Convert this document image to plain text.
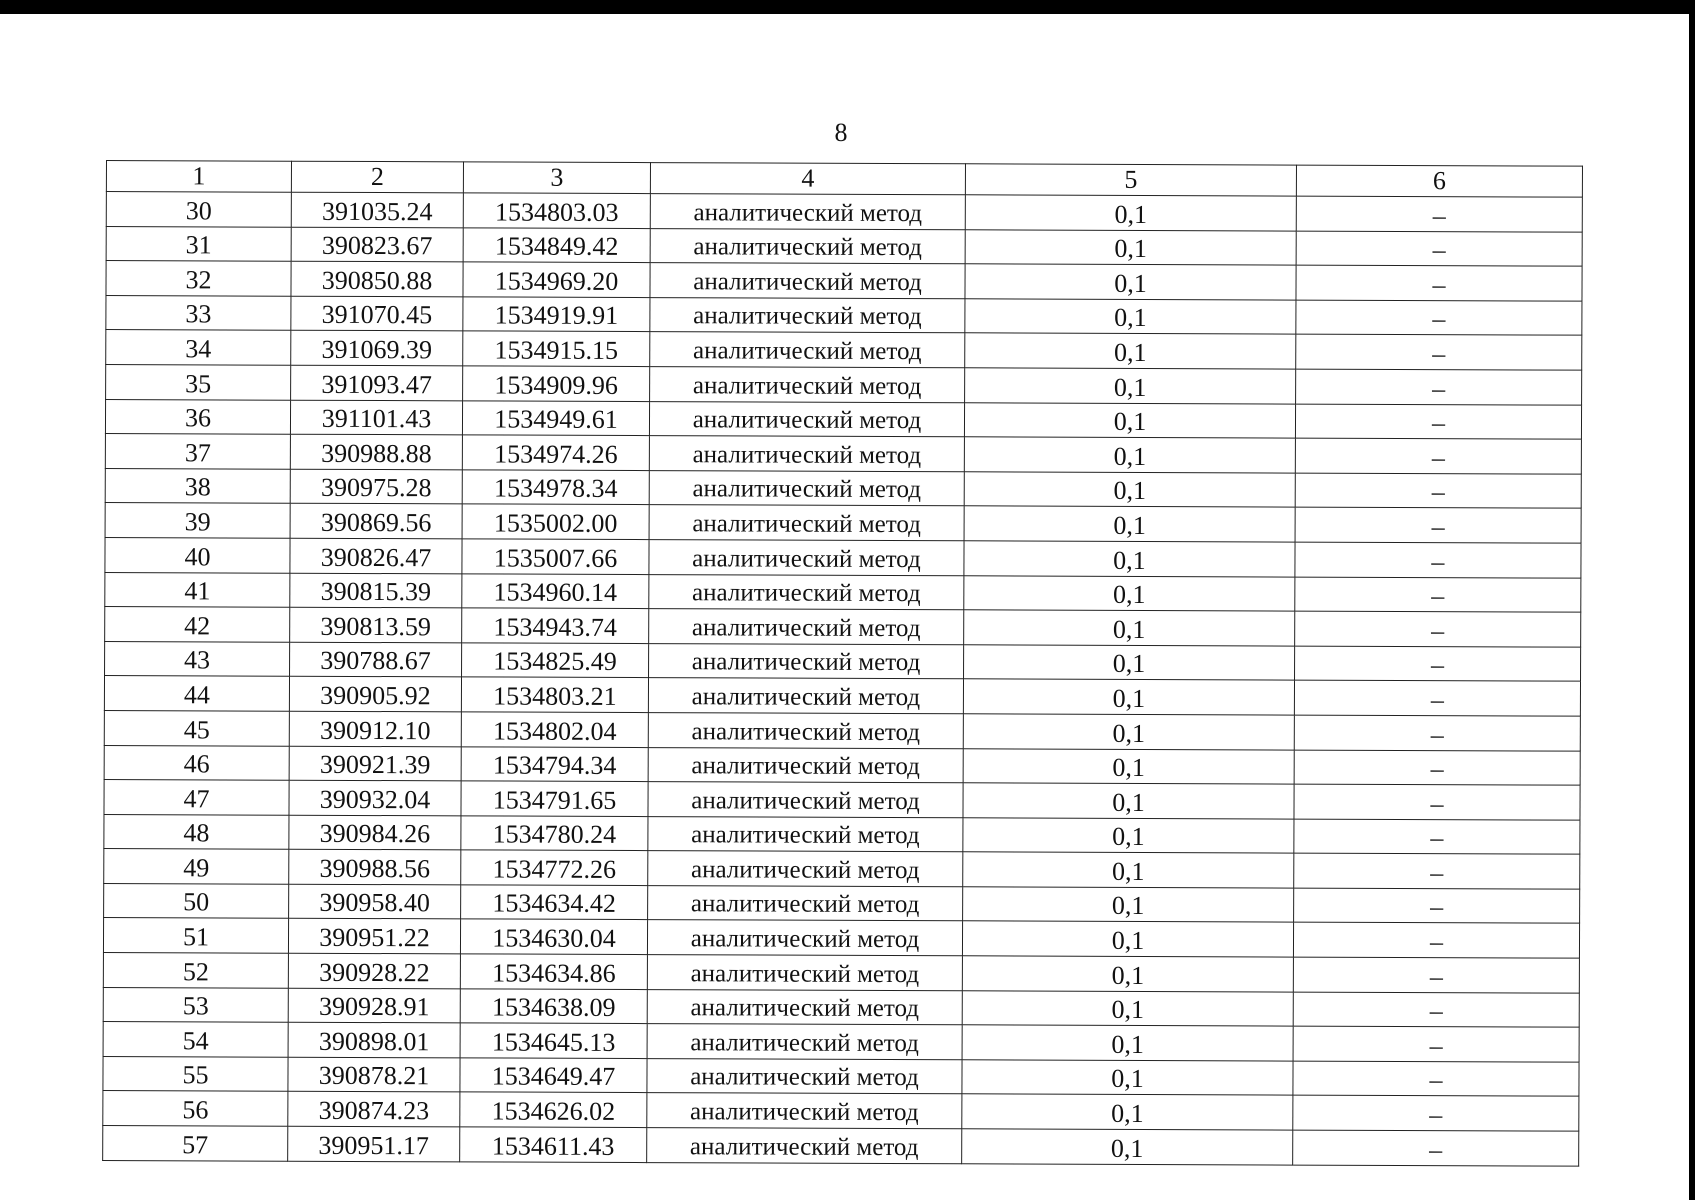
8
1	2	3	4	5	6
30	391035.24	1534803.03	аналитический метод	0,1	–
31	390823.67	1534849.42	аналитический метод	0,1	–
32	390850.88	1534969.20	аналитический метод	0,1	–
33	391070.45	1534919.91	аналитический метод	0,1	–
34	391069.39	1534915.15	аналитический метод	0,1	–
35	391093.47	1534909.96	аналитический метод	0,1	–
36	391101.43	1534949.61	аналитический метод	0,1	–
37	390988.88	1534974.26	аналитический метод	0,1	–
38	390975.28	1534978.34	аналитический метод	0,1	–
39	390869.56	1535002.00	аналитический метод	0,1	–
40	390826.47	1535007.66	аналитический метод	0,1	–
41	390815.39	1534960.14	аналитический метод	0,1	–
42	390813.59	1534943.74	аналитический метод	0,1	–
43	390788.67	1534825.49	аналитический метод	0,1	–
44	390905.92	1534803.21	аналитический метод	0,1	–
45	390912.10	1534802.04	аналитический метод	0,1	–
46	390921.39	1534794.34	аналитический метод	0,1	–
47	390932.04	1534791.65	аналитический метод	0,1	–
48	390984.26	1534780.24	аналитический метод	0,1	–
49	390988.56	1534772.26	аналитический метод	0,1	–
50	390958.40	1534634.42	аналитический метод	0,1	–
51	390951.22	1534630.04	аналитический метод	0,1	–
52	390928.22	1534634.86	аналитический метод	0,1	–
53	390928.91	1534638.09	аналитический метод	0,1	–
54	390898.01	1534645.13	аналитический метод	0,1	–
55	390878.21	1534649.47	аналитический метод	0,1	–
56	390874.23	1534626.02	аналитический метод	0,1	–
57	390951.17	1534611.43	аналитический метод	0,1	–
